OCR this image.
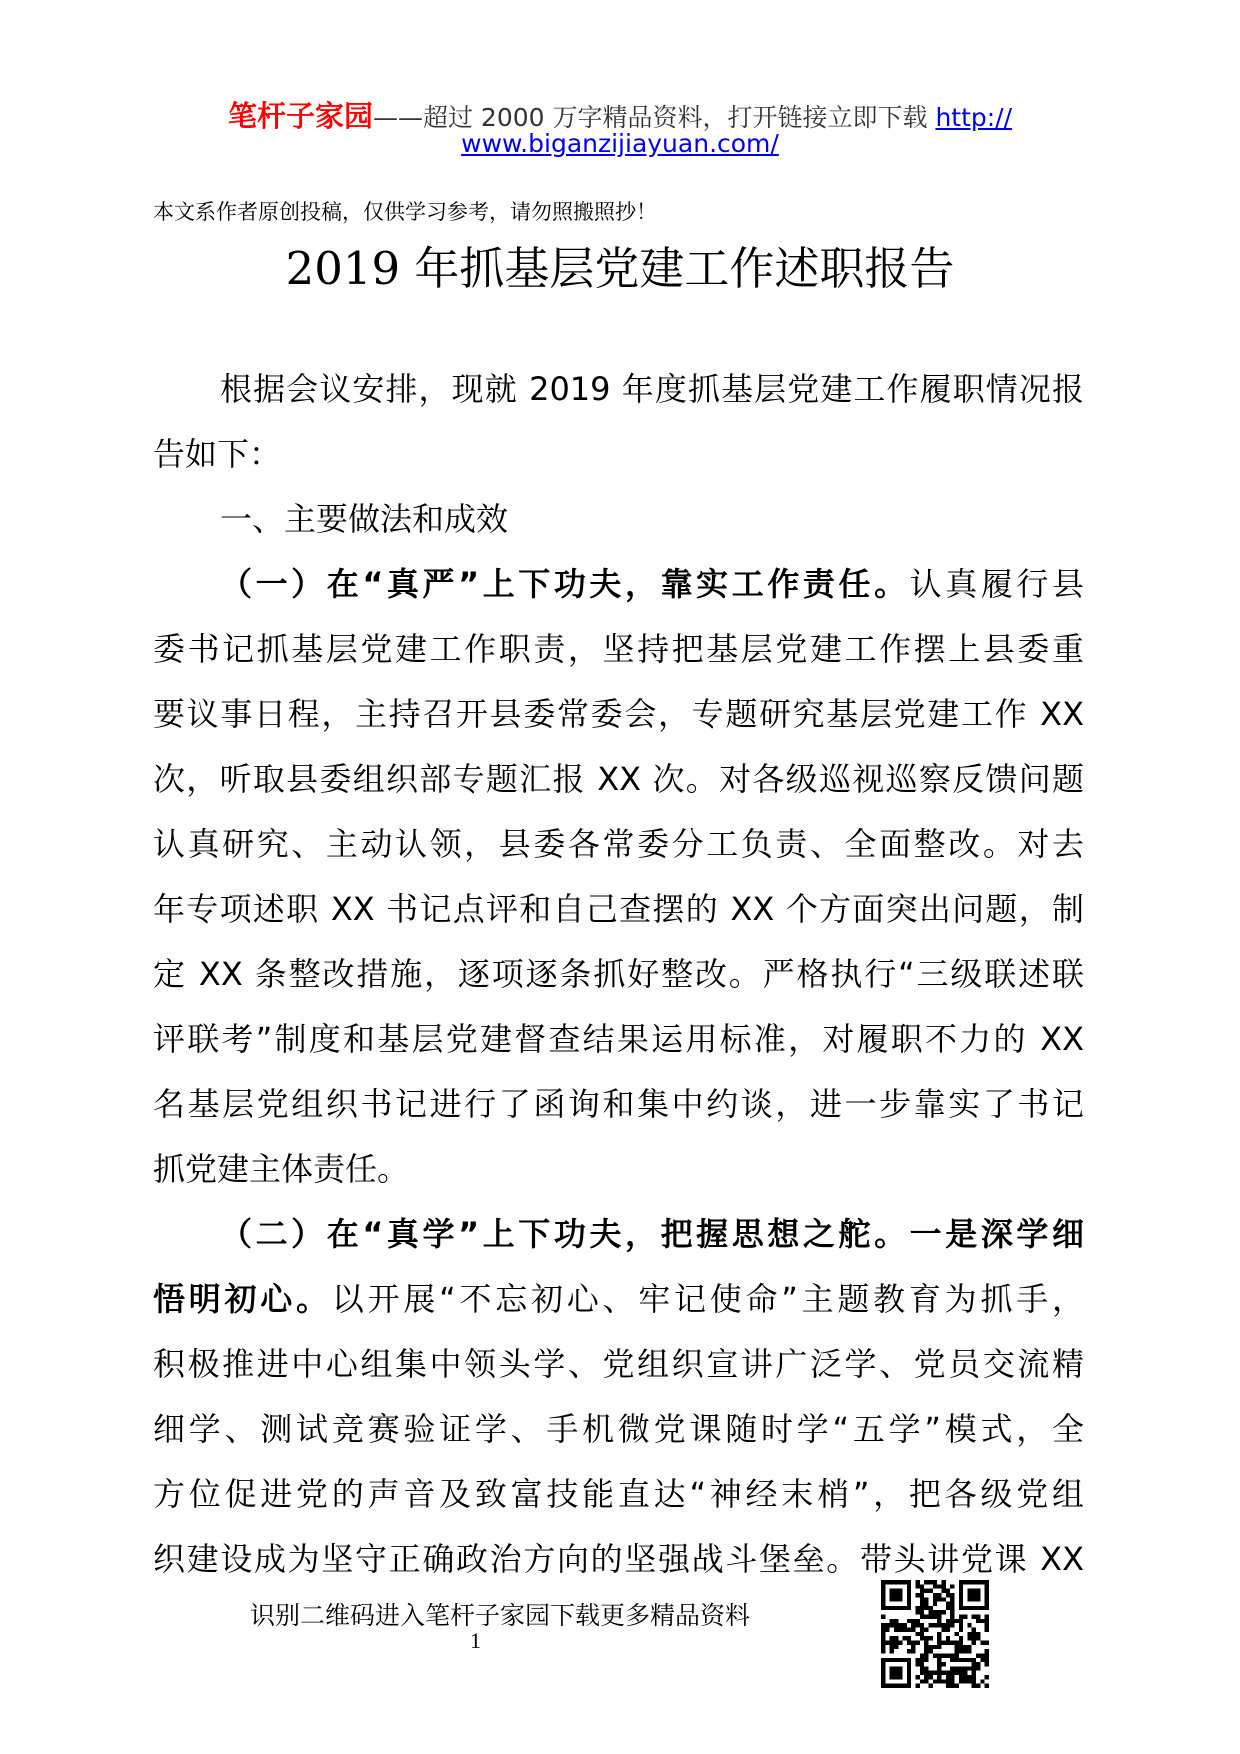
笔杆子家园——超过 2000 万字精品资料，打开链接立即下载 http://
www.biganzijiayuan.com/
本文系作者原创投稿，仅供学习参考，请勿照搬照抄！
2019 年抓基层党建工作述职报告
根据会议安排，现就 2019 年度抓基层党建工作履职情况报
告如下：
一、主要做法和成效
（一）在“真严”上下功夫，靠实工作责任。认真履行县
委书记抓基层党建工作职责，坚持把基层党建工作摆上县委重
要议事日程，主持召开县委常委会，专题研究基层党建工作 XX
次，听取县委组织部专题汇报 XX 次。对各级巡视巡察反馈问题
认真研究、主动认领，县委各常委分工负责、全面整改。对去
年专项述职 XX 书记点评和自己查摆的 XX 个方面突出问题，制
定 XX 条整改措施，逐项逐条抓好整改。严格执行“三级联述联
评联考”制度和基层党建督查结果运用标准，对履职不力的 XX
名基层党组织书记进行了函询和集中约谈，进一步靠实了书记
抓党建主体责任。
（二）在“真学”上下功夫，把握思想之舵。一是深学细
悟明初心。以开展“不忘初心、牢记使命”主题教育为抓手，
积极推进中心组集中领头学、党组织宣讲广泛学、党员交流精
细学、测试竞赛验证学、手机微党课随时学“五学”模式，全
方位促进党的声音及致富技能直达“神经末梢”，把各级党组
织建设成为坚守正确政治方向的坚强战斗堡垒。带头讲党课 XX
识别二维码进入笔杆子家园下载更多精品资料
1
